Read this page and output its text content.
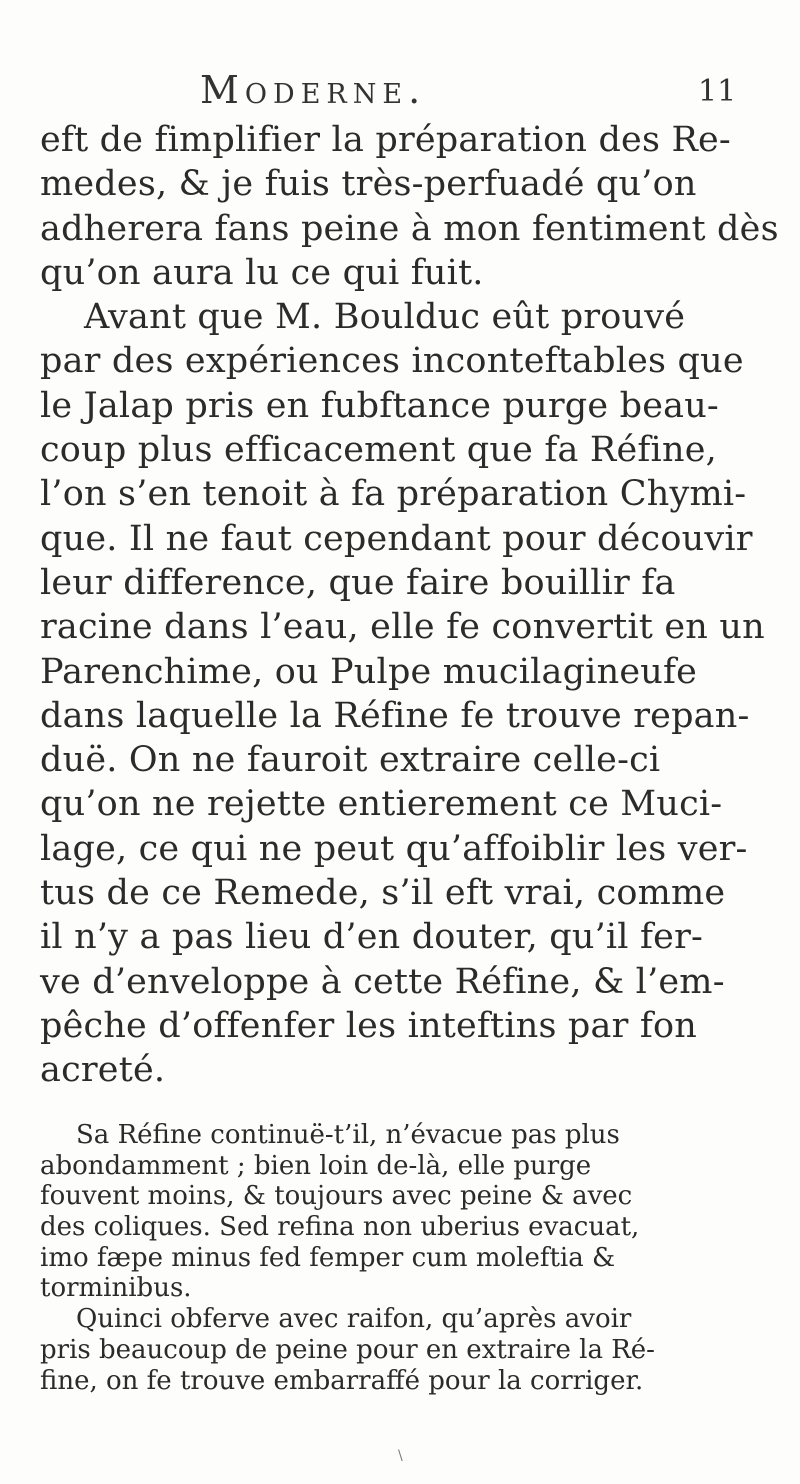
Moderne.	11
eft de fimplifier la préparation des Re-
medes, & je fuis très-perfuadé qu’on
adherera fans peine à mon fentiment dès
qu’on aura lu ce qui fuit.
Avant que M. Boulduc eût prouvé
par des expériences inconteftables que
le Jalap pris en fubftance purge beau-
coup plus efficacement que fa Réfine,
l’on s’en tenoit à fa préparation Chymi-
que. Il ne faut cependant pour découvir
leur difference, que faire bouillir fa
racine dans l’eau, elle fe convertit en un
Parenchime, ou Pulpe mucilagineufe
dans laquelle la Réfine fe trouve repan-
duë. On ne fauroit extraire celle-ci
qu’on ne rejette entierement ce Muci-
lage, ce qui ne peut qu’affoiblir les ver-
tus de ce Remede, s’il eft vrai, comme
il n’y a pas lieu d’en douter, qu’il fer-
ve d’enveloppe à cette Réfine, & l’em-
pêche d’offenfer les inteftins par fon
acreté.
Sa Réfine continuë-t’il, n’évacue pas plus
abondamment ; bien loin de-là, elle purge
fouvent moins, & toujours avec peine & avec
des coliques. Sed refina non uberius evacuat,
imo fæpe minus fed femper cum moleftia &
torminibus.
Quinci obferve avec raifon, qu’après avoir
pris beaucoup de peine pour en extraire la Ré-
fine, on fe trouve embarraffé pour la corriger.
\
